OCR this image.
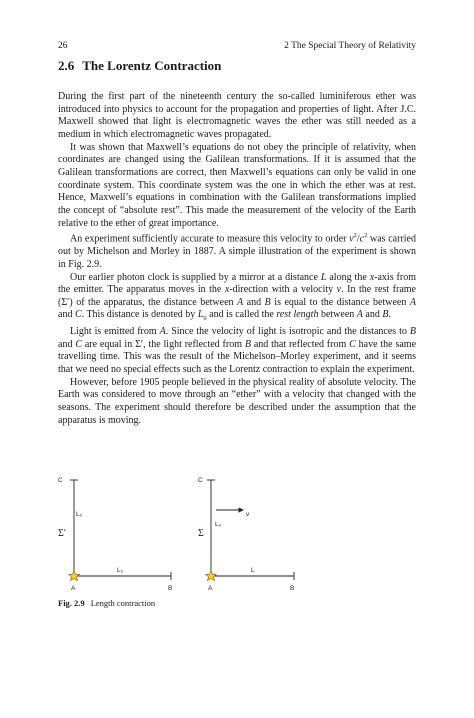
26	2 The Special Theory of Relativity
2.6 The Lorentz Contraction

During the first part of the nineteenth century the so-called luminiferous ether was introduced into physics to account for the propagation and properties of light. After J.C. Maxwell showed that light is electromagnetic waves the ether was still needed as a medium in which electromagnetic waves propagated.

It was shown that Maxwell’s equations do not obey the principle of relativity, when coordinates are changed using the Galilean transformations. If it is assumed that the Galilean transformations are correct, then Maxwell’s equations can only be valid in one coordinate system. This coordinate system was the one in which the ether was at rest. Hence, Maxwell’s equations in combination with the Galilean transformations implied the concept of “absolute rest”. This made the measurement of the velocity of the Earth relative to the ether of great importance.

An experiment sufficiently accurate to measure this velocity to order $v^2/c^2$ was carried out by Michelson and Morley in 1887. A simple illustration of the experiment is shown in Fig. 2.9.

Our earlier photon clock is supplied by a mirror at a distance L along the x-axis from the emitter. The apparatus moves in the x-direction with a velocity v. In the rest frame (Σ′) of the apparatus, the distance between A and B is equal to the distance between A and C. This distance is denoted by $L_0$ and is called the rest length between A and B.

Light is emitted from A. Since the velocity of light is isotropic and the distances to B and C are equal in Σ′, the light reflected from B and that reflected from C have the same travelling time. This was the result of the Michelson–Morley experiment, and it seems that we need no special effects such as the Lorentz contraction to explain the experiment.

However, before 1905 people believed in the physical reality of absolute velocity. The Earth was considered to move through an “ether” with a velocity that changed with the seasons. The experiment should therefore be described under the assumption that the apparatus is moving.

C
L₀
Σ′
L₀
A	B
C
L₀
Σ
v
L
A	B
Fig. 2.9 Length contraction
